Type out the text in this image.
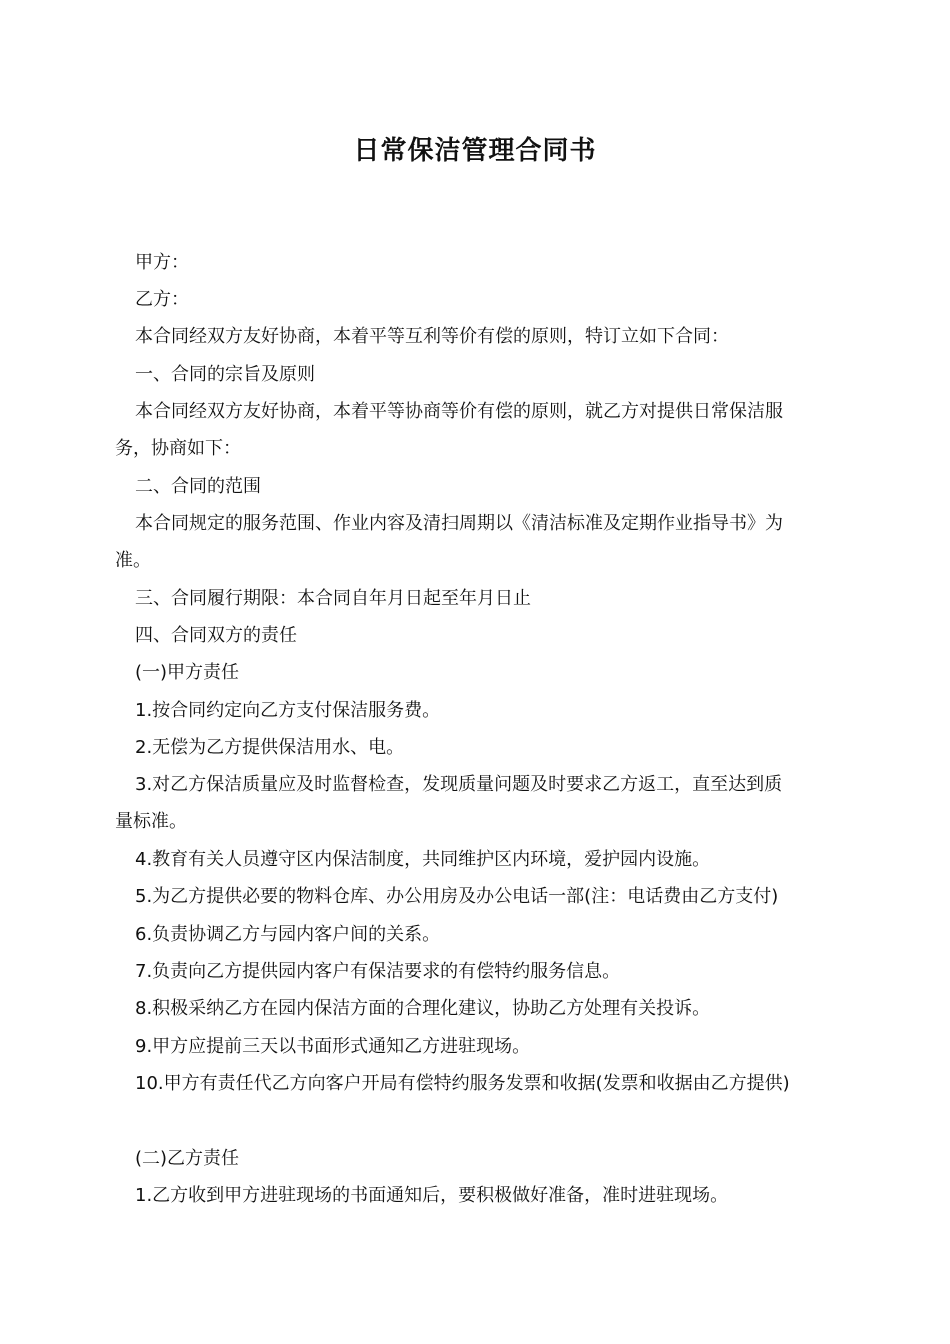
日常保洁管理合同书
甲方：
乙方：
本合同经双方友好协商，本着平等互利等价有偿的原则，特订立如下合同：
一、合同的宗旨及原则
本合同经双方友好协商，本着平等协商等价有偿的原则，就乙方对提供日常保洁服
务，协商如下：
二、合同的范围
本合同规定的服务范围、作业内容及清扫周期以《清洁标准及定期作业指导书》为
准。
三、合同履行期限：本合同自年月日起至年月日止
四、合同双方的责任
(一)甲方责任
1.按合同约定向乙方支付保洁服务费。
2.无偿为乙方提供保洁用水、电。
3.对乙方保洁质量应及时监督检查，发现质量问题及时要求乙方返工，直至达到质
量标准。
4.教育有关人员遵守区内保洁制度，共同维护区内环境，爱护园内设施。
5.为乙方提供必要的物料仓库、办公用房及办公电话一部(注：电话费由乙方支付)
6.负责协调乙方与园内客户间的关系。
7.负责向乙方提供园内客户有保洁要求的有偿特约服务信息。
8.积极采纳乙方在园内保洁方面的合理化建议，协助乙方处理有关投诉。
9.甲方应提前三天以书面形式通知乙方进驻现场。
10.甲方有责任代乙方向客户开局有偿特约服务发票和收据(发票和收据由乙方提供)
(二)乙方责任
1.乙方收到甲方进驻现场的书面通知后，要积极做好准备，准时进驻现场。
